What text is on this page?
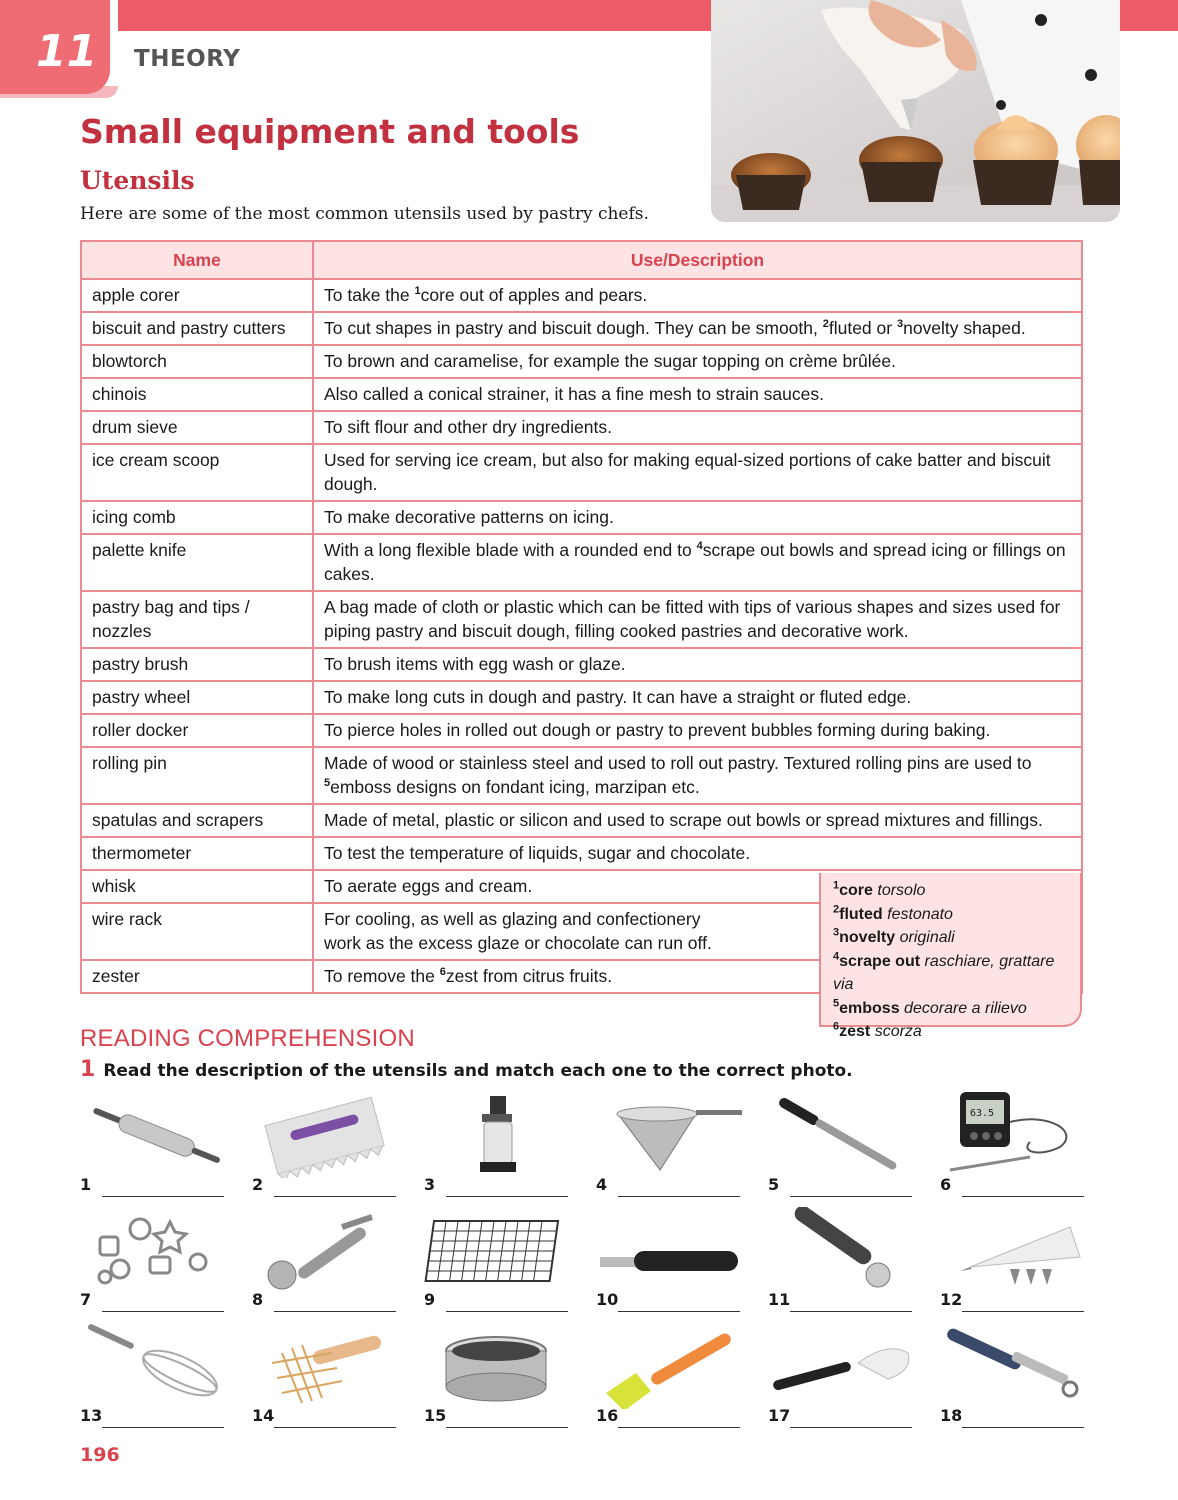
11 THEORY
Small equipment and tools
Utensils

Here are some of the most common utensils used by pastry chefs.

Name	Use/Description
apple corer	To take the $^1$core out of apples and pears.
biscuit and pastry cutters	To cut shapes in pastry and biscuit dough. They can be smooth, $^2$fluted or $^3$novelty shaped.
blowtorch	To brown and caramelise, for example the sugar topping on crème brûlée.
chinois	Also called a conical strainer, it has a fine mesh to strain sauces.
drum sieve	To sift flour and other dry ingredients.
ice cream scoop	Used for serving ice cream, but also for making equal-sized portions of cake batter and biscuit dough.
icing comb	To make decorative patterns on icing.
palette knife	With a long flexible blade with a rounded end to $^4$scrape out bowls and spread icing or fillings on cakes.
pastry bag and tips / nozzles	A bag made of cloth or plastic which can be fitted with tips of various shapes and sizes used for piping pastry and biscuit dough, filling cooked pastries and decorative work.
pastry brush	To brush items with egg wash or glaze.
pastry wheel	To make long cuts in dough and pastry. It can have a straight or fluted edge.
roller docker	To pierce holes in rolled out dough or pastry to prevent bubbles forming during baking.
rolling pin	Made of wood or stainless steel and used to roll out pastry. Textured rolling pins are used to $^5$emboss designs on fondant icing, marzipan etc.
spatulas and scrapers	Made of metal, plastic or silicon and used to scrape out bowls or spread mixtures and fillings.
thermometer	To test the temperature of liquids, sugar and chocolate.
whisk	To aerate eggs and cream.
wire rack	For cooling, as well as glazing and confectionery
work as the excess glaze or chocolate can run off.
zester	To remove the $^6$zest from citrus fruits.
$^1$core torsolo
$^2$fluted festonato
$^3$novelty originali
$^4$scrape out raschiare, grattare via
$^5$emboss decorare a rilievo
$^6$zest scorza
READING COMPREHENSION
1 Read the description of the utensils and match each one to the correct photo.
1	2	3	4	5
63.5
6
7	8	9	10	11	12
13	14	15	16	17	18
196
